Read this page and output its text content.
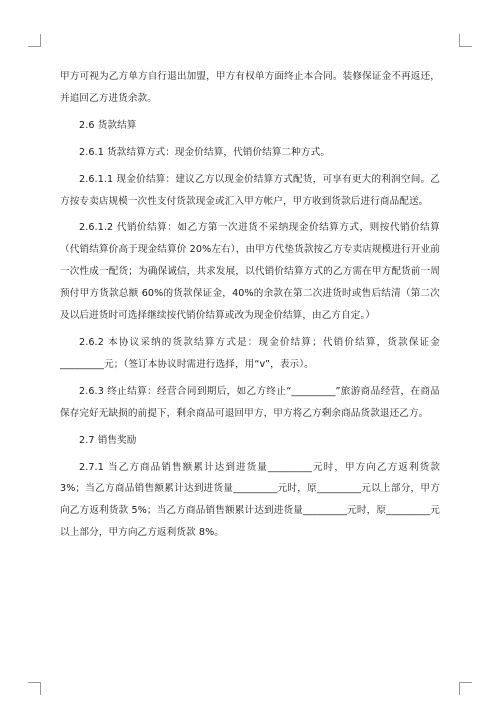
甲方可视为乙方单方自行退出加盟，甲方有权单方面终止本合同。装修保证金不再返还，并追回乙方进货余款。

2.6 货款结算

2.6.1 货款结算方式：现金价结算，代销价结算二种方式。

2.6.1.1 现金价结算：建议乙方以现金价结算方式配货，可享有更大的利润空间。乙方按专卖店规模一次性支付货款现金或汇入甲方帐户，甲方收到货款后进行商品配送。

2.6.1.2 代销价结算：如乙方第一次进货不采纳现金价结算方式，则按代销价结算（代销结算价高于现金结算价 20%左右），由甲方代垫货款按乙方专卖店规模进行开业前一次性成一配货；为确保诚信，共求发展，以代销价结算方式的乙方需在甲方配货前一周预付甲方货款总额 60%的货款保证金，40%的余款在第二次进货时或售后结清（第二次及以后进货时可选择继续按代销价结算或改为现金价结算，由乙方自定。）

2.6.2 本协议采纳的货款结算方式是：现金价结算；代销价结算，货款保证金_________元；（签订本协议时需进行选择，用“v”，表示）。

2.6.3 终止结算：经营合同到期后，如乙方终止“_________”旅游商品经营，在商品保存完好无缺损的前提下，剩余商品可退回甲方，甲方将乙方剩余商品货款退还乙方。

2.7 销售奖励

2.7.1 当乙方商品销售额累计达到进货量_________元时，甲方向乙方返利货款 3%；当乙方商品销售额累计达到进货量_________元时，原_________元以上部分，甲方向乙方返利货款 5%；当乙方商品销售额累计达到进货量_________元时，原_________元以上部分，甲方向乙方返利货款 8%。
